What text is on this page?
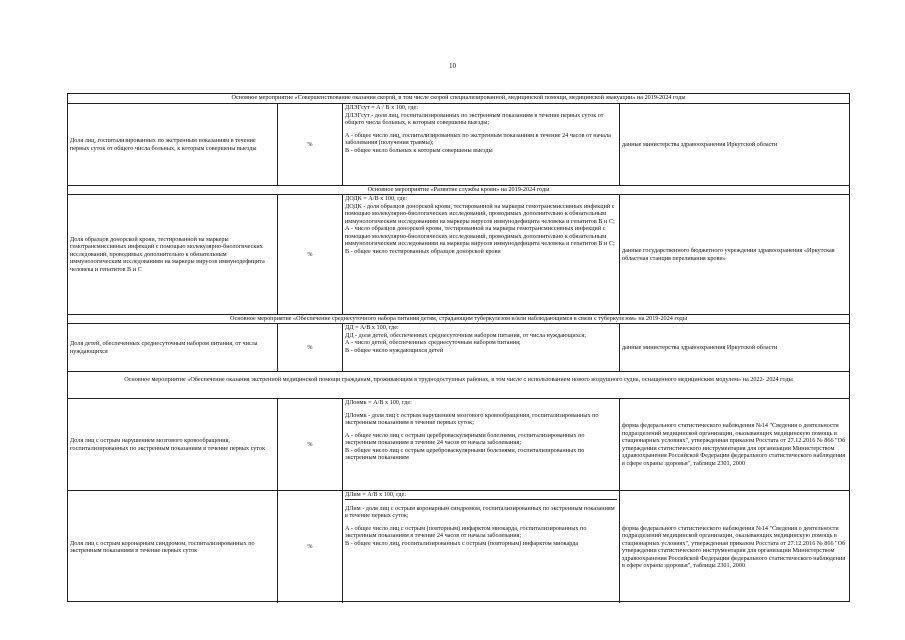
10
Основное мероприятие «Совершенствование оказания скорой, в том числе скорой специализированной, медицинской помощи, медицинской эвакуации» на 2019-2024 годы
Доля лиц, госпитализированных по экстренным показаниям в течение первых суток от общего числа больных, к которым совершены выезды
%
ДЛЭГсут = А / В х 100, где:
ДЛЭГсут - доля лиц, госпитализированных по экстренным показаниям в течение первых суток от общего числа больных, к которым совершены выезды;
А - общее число лиц, госпитализированных по экстренным показаниям в течение 24 часов от начала заболевания (получения травмы);
В - общее число больных к которым совершены выезды
данные министерства здравоохранения Иркутской области
Основное мероприятие «Развитие службы крови» на 2019-2024 годы
Доля образцов донорской крови, тестированной на маркеры гемотрансмиссивных инфекций с помощью молекулярно-биологических исследований, проводимых дополнительно к обязательным иммунологическим исследованиям на маркеры вирусов иммунодефицита человека и гепатитов В и С
%
ДОДК = А/В х 100, где:
ДОДК - доля образцов донорской крови, тестированной на маркеры гемотрансмиссивных инфекций с помощью молекулярно-биологических исследований, проводимых дополнительно к обязательным иммунологическим исследованиям на маркеры вирусов иммунодефицита человека и гепатитов В и С;
А - число образцов донорской крови, тестированной на маркеры гемотрансмиссивных инфекций с помощью молекулярно-биологических исследований, проводимых дополнительно к обязательным иммунологическим исследованиям на маркеры вирусов иммунодефицита человека и гепатитов В и С;
В - общее число тестированных образцов донорской крови	данные государственного бюджетного учреждения здравоохранения «Иркутская областная станция переливания крови»
Основное мероприятие «Обеспечение среднесуточного набора питания детям, страдающим туберкулезом и/или наблюдающимся в связи с туберкулезом» на 2019-2024 годы
Доля детей, обеспеченных среднесуточным набором питания, от числа нуждающихся
%
ДД = А/В х 100, где:
ДД - доля детей, обеспеченных среднесуточным набором питания, от числа нуждающихся;
А - число детей, обеспеченных среднесуточным набором питания;
В - общее число нуждающихся детей	данные министерства здравоохранения Иркутской области
Основное мероприятие «Обеспечение оказания экстренной медицинской помощи гражданам, проживающим в труднодоступных районах, в том числе с использованием нового воздушного судна, оснащенного медицинским модулем» на 2022- 2024 годы
Доля лиц с острым нарушением мозгового кровообращения, госпитализированных по экстренным показаниям в течение первых суток
%
ДЛонмк = А/В х 100, где:
ДЛонмк - доля лиц с острым нарушением мозгового кровообращения, госпитализированных по экстренным показаниям в течение первых суток;
А - общее число лиц с острым цереброваскулярными болезнями, госпитализированных по экстренным показаниям в течение 24 часов от начала заболевания;
В - общее число лиц с острым цереброваскулярными болезнями, госпитализированных по экстренным показаниям
форма федерального статистического наблюдения №14 "Сведения о деятельности подразделений медицинской организации, оказывающих медицинскую помощь в стационарных условиях", утвержденная приказом Росстата от 27.12.2016 № 866 "Об утверждении статистического инструментария для организации Министерством здравоохранения Российской Федерации федерального статистического наблюдения в сфере охраны здоровья", таблицы 2301, 2000
Доля лиц с острым коронарным синдромом, госпитализированных по экстренным показаниям в течение первых суток
%
ДЛим = А/В х 100, где:
ДЛим - доля лиц с острым коронарным синдромом, госпитализированных по экстренным показаниям в течение первых суток;
А - общее число лиц с острым (повторным) инфарктом миокарда, госпитализированных по экстренным показаниям в течение 24 часов от начала заболевания;
В - общее число лиц, госпитализированных с острым (повторным) инфарктом миокарда
форма федерального статистического наблюдения №14 "Сведения о деятельности подразделений медицинской организации, оказывающих медицинскую помощь в стационарных условиях", утвержденная приказом Росстата от 27.12.2016 № 866 "Об утверждении статистического инструментария для организации Министерством здравоохранения Российской Федерации федерального статистического наблюдения в сфере охраны здоровья", таблицы 2301, 2000
